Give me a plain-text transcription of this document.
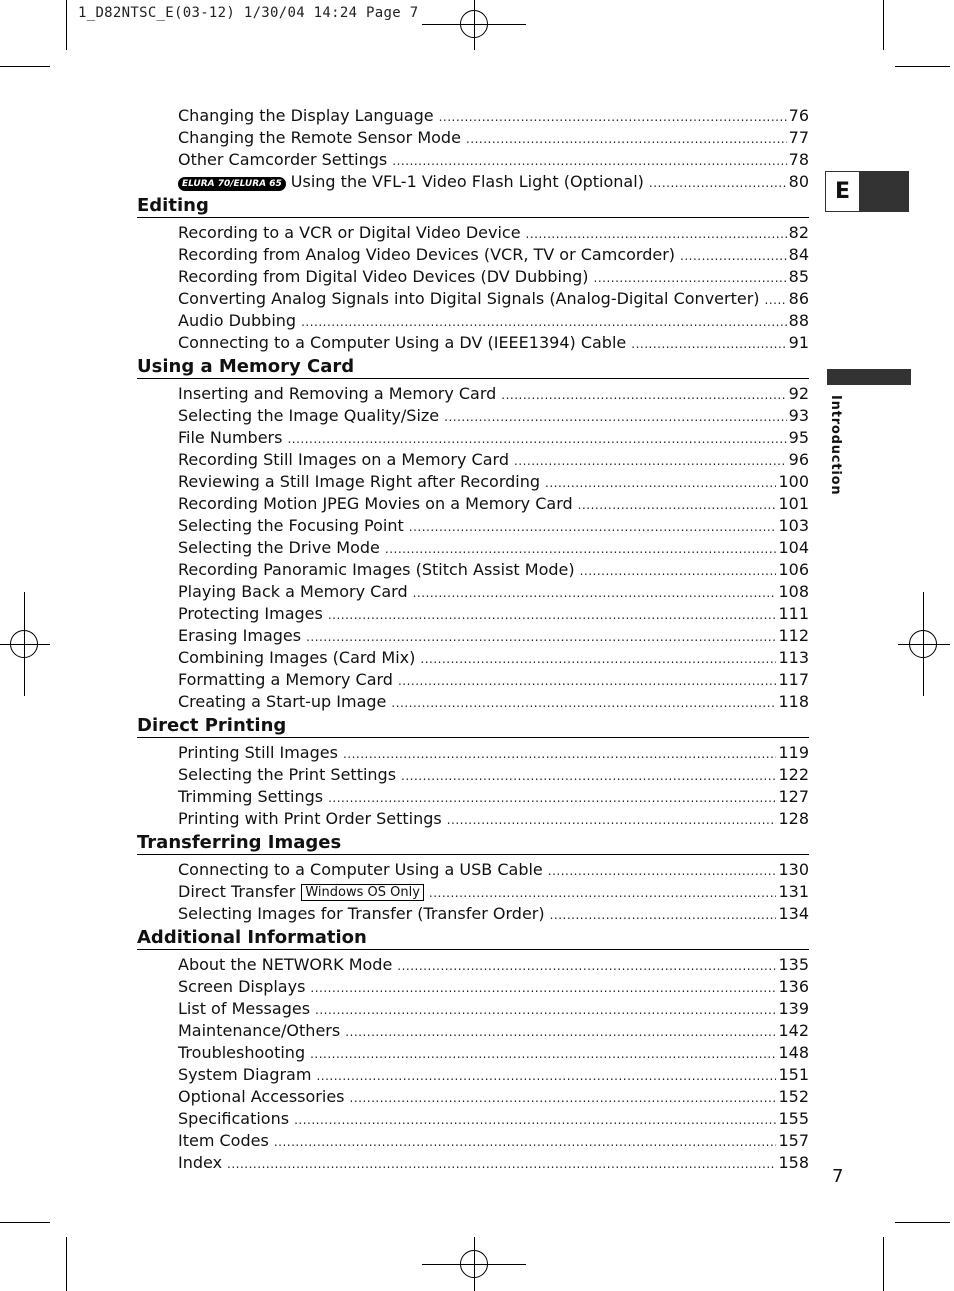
1_D82NTSC_E(03-12) 1/30/04 14:24 Page 7
E
Introduction
Changing the Display Language .....	76
Changing the Remote Sensor Mode .....	77
Other Camcorder Settings .....	78
ELURA 70/ELURA 65 Using the VFL-1 Video Flash Light (Optional) .....	80
Editing
Recording to a VCR or Digital Video Device .....	82
Recording from Analog Video Devices (VCR, TV or Camcorder) .....	84
Recording from Digital Video Devices (DV Dubbing) .....	85
Converting Analog Signals into Digital Signals (Analog-Digital Converter) ..... 86
Audio Dubbing .....	88
Connecting to a Computer Using a DV (IEEE1394) Cable .....	91
Using a Memory Card
Inserting and Removing a Memory Card .....	92
Selecting the Image Quality/Size .....	93
File Numbers .....	95
Recording Still Images on a Memory Card .....	96
Reviewing a Still Image Right after Recording .....	100
Recording Motion JPEG Movies on a Memory Card .....	101
Selecting the Focusing Point .....	103
Selecting the Drive Mode .....	104
Recording Panoramic Images (Stitch Assist Mode) .....	106
Playing Back a Memory Card .....	108
Protecting Images .....	111
Erasing Images .....	112
Combining Images (Card Mix) .....	113
Formatting a Memory Card .....	117
Creating a Start-up Image .....	118
Direct Printing
Printing Still Images .....	119
Selecting the Print Settings .....	122
Trimming Settings .....	127
Printing with Print Order Settings .....	128
Transferring Images
Connecting to a Computer Using a USB Cable .....	130
Direct Transfer Windows OS Only .....	131
Selecting Images for Transfer (Transfer Order) .....	134
Additional Information
About the NETWORK Mode .....	135
Screen Displays .....	136
List of Messages .....	139
Maintenance/Others .....	142
Troubleshooting .....	148
System Diagram .....	151
Optional Accessories .....	152
Specifications .....	155
Item Codes .....	157
Index .....	158
7
